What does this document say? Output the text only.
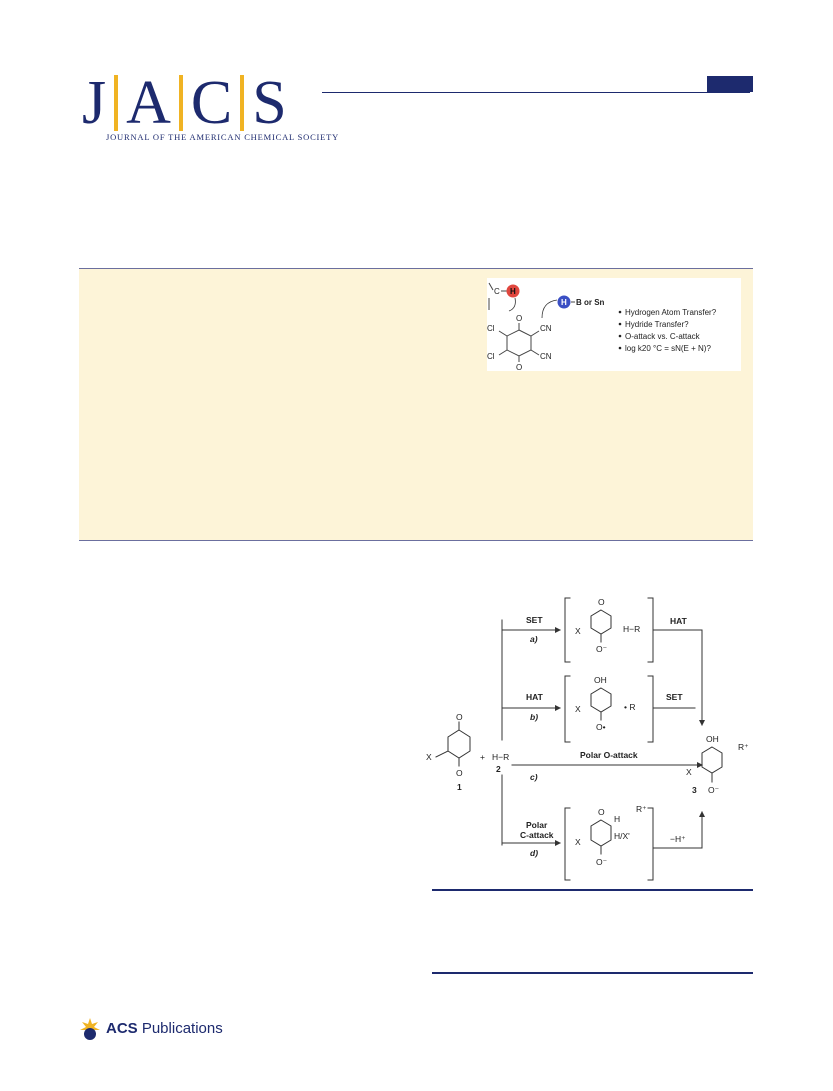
J A C S
JOURNAL OF THE AMERICAN CHEMICAL SOCIETY
C H
H B or Sn
O
O
CN
CN
Cl
Cl
Hydrogen Atom Transfer?
Hydride Transfer?
O-attack vs. C-attack
log k20 °C = sN(E + N)?
X
O
O
1
+ H−R
2
SET
a)
O
X
O⁻
H−R
HAT
HAT
b)
OH
X
O•
• R
SET
Polar O-attack
c)
OH
X
O⁻
3
R⁺
Polar
C-attack
d)
O
X
H
H/X'
O⁻
R⁺
−H⁺
ACS Publications
